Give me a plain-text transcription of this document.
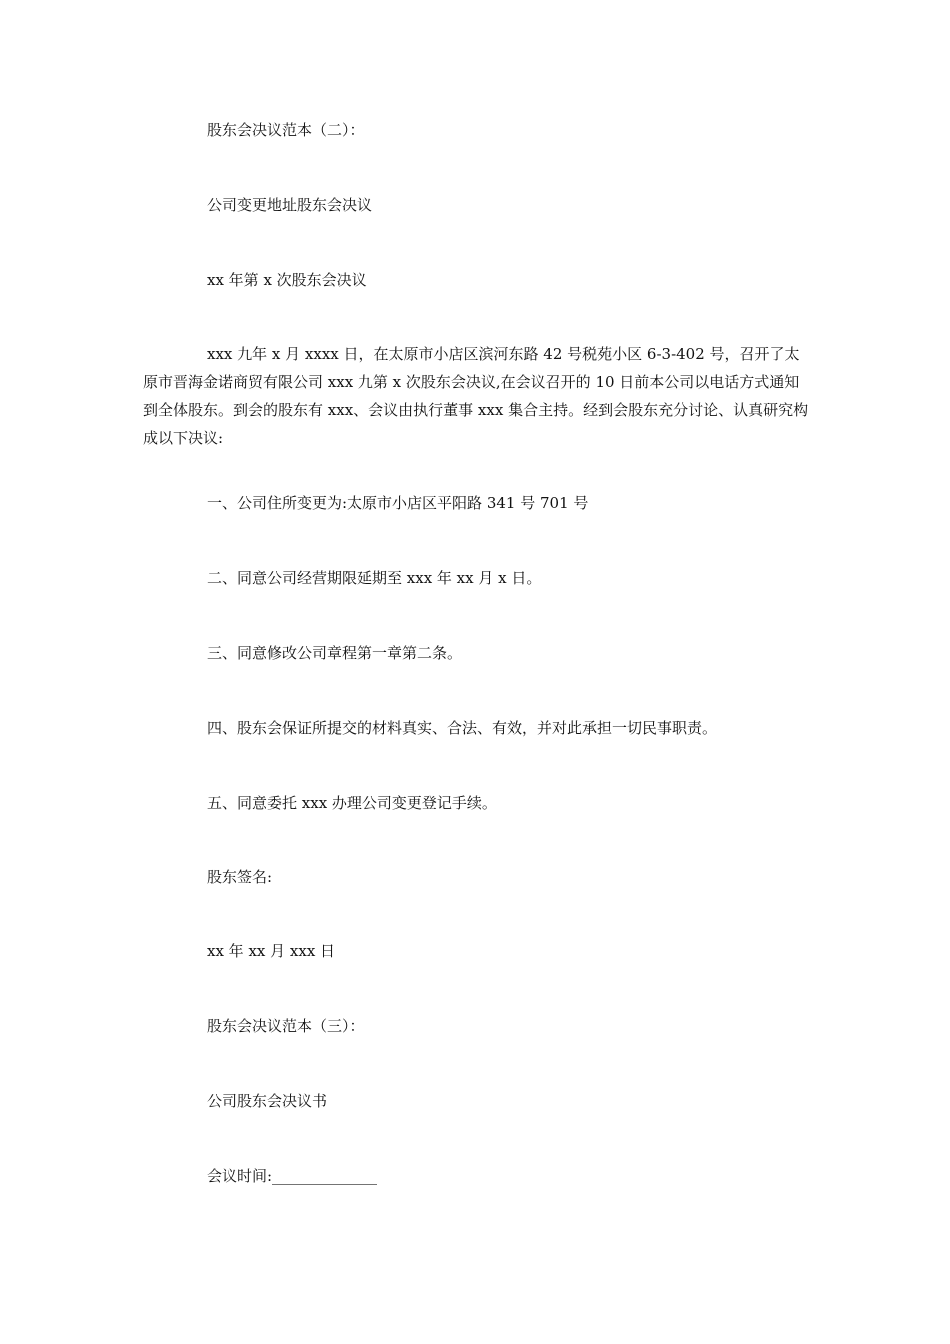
股东会决议范本（二）：

公司变更地址股东会决议

xx 年第 x 次股东会决议

xxx 九年 x 月 xxxx 日，在太原市小店区滨河东路 42 号税苑小区 6-3-402 号，召开了太原市晋海金诺商贸有限公司 xxx 九第 x 次股东会决议,在会议召开的 10 日前本公司以电话方式通知到全体股东。到会的股东有 xxx、会议由执行董事 xxx 集合主持。经到会股东充分讨论、认真研究构成以下决议:

一、公司住所变更为:太原市小店区平阳路 341 号 701 号

二、同意公司经营期限延期至 xxx 年 xx 月 x 日。

三、同意修改公司章程第一章第二条。

四、股东会保证所提交的材料真实、合法、有效，并对此承担一切民事职责。

五、同意委托 xxx 办理公司变更登记手续。

股东签名:

xx 年 xx 月 xxx 日

股东会决议范本（三）：

公司股东会决议书

会议时间:______________
